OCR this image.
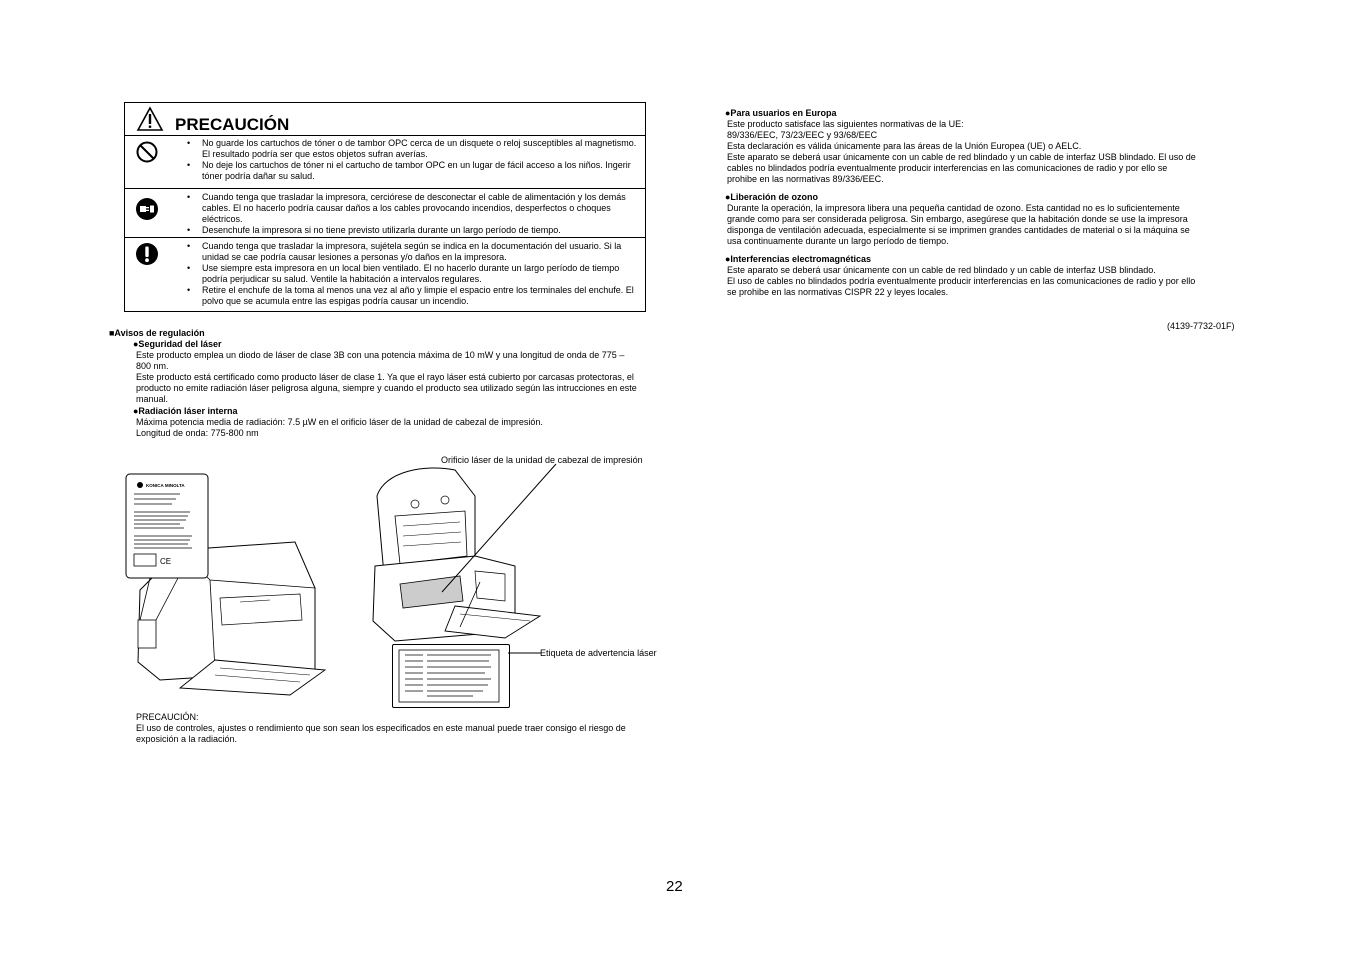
PRECAUCIÓN
• No guarde los cartuchos de tóner o de tambor OPC cerca de un disquete o reloj susceptibles al magnetismo. El resultado podría ser que estos objetos sufran averías.
• No deje los cartuchos de tóner ni el cartucho de tambor OPC en un lugar de fácil acceso a los niños. Ingerir tóner podría dañar su salud.
• Cuando tenga que trasladar la impresora, cerciórese de desconectar el cable de alimentación y los demás cables. El no hacerlo podría causar daños a los cables provocando incendios, desperfectos o choques eléctricos.
• Desenchufe la impresora si no tiene previsto utilizarla durante un largo período de tiempo.
• Cuando tenga que trasladar la impresora, sujétela según se indica en la documentación del usuario. Si la unidad se cae podría causar lesiones a personas y/o daños en la impresora.
• Use siempre esta impresora en un local bien ventilado. El no hacerlo durante un largo período de tiempo podría perjudicar su salud. Ventile la habitación a intervalos regulares.
• Retire el enchufe de la toma al menos una vez al año y limpie el espacio entre los terminales del enchufe. El polvo que se acumula entre las espigas podría causar un incendio.
■Avisos de regulación
●Seguridad del láser
Este producto emplea un diodo de láser de clase 3B con una potencia máxima de 10 mW y una longitud de onda de 775 –
800 nm.
Este producto está certificado como producto láser de clase 1. Ya que el rayo láser está cubierto por carcasas protectoras, el
producto no emite radiación láser peligrosa alguna, siempre y cuando el producto sea utilizado según las intrucciones en este
manual.
●Radiación láser interna
Máxima potencia media de radiación: 7.5 µW en el orificio láser de la unidad de cabezal de impresión.
Longitud de onda: 775-800 nm
KONICA MINOLTA
CE
Orificio láser de la unidad de cabezal de impresión
Etiqueta de advertencia láser
PRECAUCIÓN:
El uso de controles, ajustes o rendimiento que son sean los especificados en este manual puede traer consigo el riesgo de
exposición a la radiación.
●Para usuarios en Europa
Este producto satisface las siguientes normativas de la UE:
89/336/EEC, 73/23/EEC y 93/68/EEC
Esta declaración es válida únicamente para las áreas de la Unión Europea (UE) o AELC.
Este aparato se deberá usar únicamente con un cable de red blindado y un cable de interfaz USB blindado. El uso de
cables no blindados podría eventualmente producir interferencias en las comunicaciones de radio y por ello se
prohibe en las normativas 89/336/EEC.
●Liberación de ozono
Durante la operación, la impresora libera una pequeña cantidad de ozono. Esta cantidad no es lo suficientemente
grande como para ser considerada peligrosa. Sin embargo, asegúrese que la habitación donde se use la impresora
disponga de ventilación adecuada, especialmente si se imprimen grandes cantidades de material o si la máquina se
usa continuamente durante un largo período de tiempo.
●Interferencias electromagnéticas
Este aparato se deberá usar únicamente con un cable de red blindado y un cable de interfaz USB blindado.
El uso de cables no blindados podría eventualmente producir interferencias en las comunicaciones de radio y por ello
se prohibe en las normativas CISPR 22 y leyes locales.
(4139-7732-01F)
22
